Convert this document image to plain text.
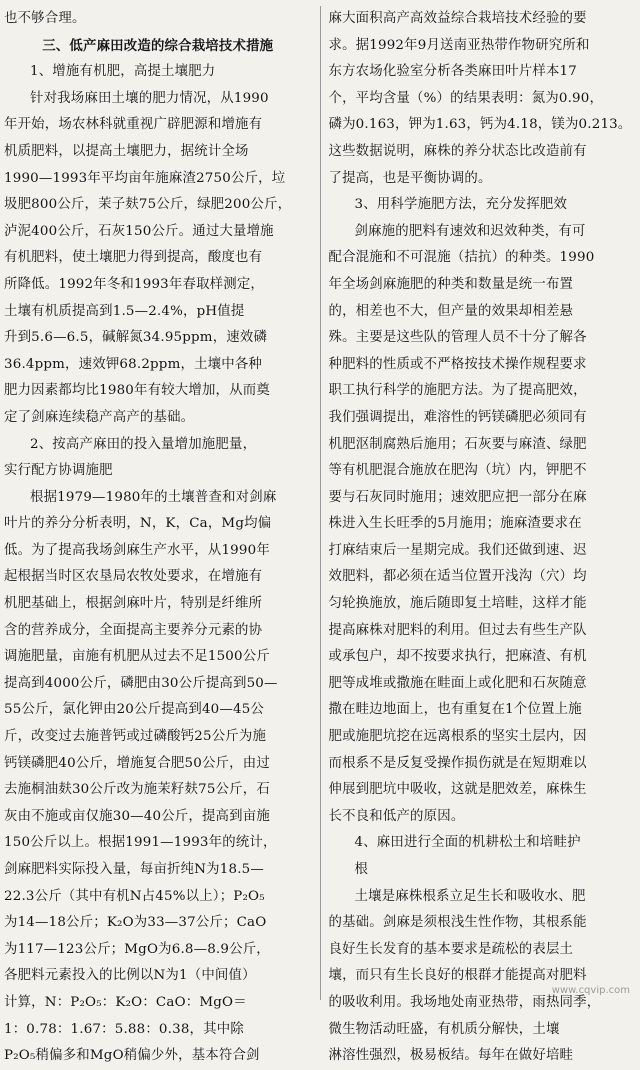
也不够合理。
三、低产麻田改造的综合栽培技术措施
1、增施有机肥，高提土壤肥力
针对我场麻田土壤的肥力情况，从1990
年开始，场农林科就重视广辟肥源和增施有
机质肥料，以提高土壤肥力，据统计全场
1990—1993年平均亩年施麻渣2750公斤，垃
圾肥800公斤，茉子麸75公斤，绿肥200公斤，
泸泥400公斤，石灰150公斤。通过大量增施
有机肥料，使土壤肥力得到提高，酸度也有
所降低。1992年冬和1993年春取样测定，
土壤有机质提高到1.5—2.4%，pH值提
升到5.6—6.5，碱解氮34.95ppm，速效磷
36.4ppm，速效钾68.2ppm，土壤中各种
肥力因素都均比1980年有较大增加，从而奠
定了剑麻连续稳产高产的基础。
2、按高产麻田的投入量增加施肥量，
实行配方协调施肥
根据1979—1980年的土壤普查和对剑麻
叶片的养分分析表明，N，K，Ca，Mg均偏
低。为了提高我场剑麻生产水平，从1990年
起根据当时区农垦局农牧处要求，在增施有
机肥基础上，根据剑麻叶片，特别是纤维所
含的营养成分，全面提高主要养分元素的协
调施肥量，亩施有机肥从过去不足1500公斤
提高到4000公斤，磷肥由30公斤提高到50—
55公斤，氯化钾由20公斤提高到40—45公
斤，改变过去施普钙或过磷酸钙25公斤为施
钙镁磷肥40公斤，增施复合肥50公斤，由过
去施桐油麸30公斤改为施茉籽麸75公斤，石
灰由不施或亩仅施30—40公斤，提高到亩施
150公斤以上。根据1991—1993年的统计，
剑麻肥料实际投入量，每亩折纯N为18.5—
22.3公斤（其中有机N占45%以上）；P₂O₅
为14—18公斤；K₂O为33—37公斤；CaO
为117—123公斤；MgO为6.8—8.9公斤，
各肥料元素投入的比例以N为1（中间值）
计算，N：P₂O₅：K₂O：CaO：MgO＝
1：0.78：1.67：5.88：0.38，其中除
P₂O₅稍偏多和MgO稍偏少外，基本符合剑
麻大面积高产高效益综合栽培技术经验的要
求。据1992年9月送南亚热带作物研究所和
东方农场化验室分析各类麻田叶片样本17
个，平均含量（%）的结果表明：氮为0.90，
磷为0.163，钾为1.63，钙为4.18，镁为0.213。
这些数据说明，麻株的养分状态比改造前有
了提高，也是平衡协调的。
3、用科学施肥方法，充分发挥肥效
剑麻施的肥料有速效和迟效种类，有可
配合混施和不可混施（拮抗）的种类。1990
年全场剑麻施肥的种类和数量是统一布置
的，相差也不大，但产量的效果却相差悬
殊。主要是这些队的管理人员不十分了解各
种肥料的性质或不严格按技术操作规程要求
职工执行科学的施肥方法。为了提高肥效，
我们强调提出，难溶性的钙镁磷肥必须同有
机肥沤制腐熟后施用；石灰要与麻渣、绿肥
等有机肥混合施放在肥沟（坑）内，钾肥不
要与石灰同时施用；速效肥应把一部分在麻
株进入生长旺季的5月施用；施麻渣要求在
打麻结束后一星期完成。我们还做到速、迟
效肥料，都必须在适当位置开浅沟（穴）均
匀轮换施放，施后随即复土培畦，这样才能
提高麻株对肥料的利用。但过去有些生产队
或承包户，却不按要求执行，把麻渣、有机
肥等成堆或撒施在畦面上或化肥和石灰随意
撒在畦边地面上，也有重复在1个位置上施
肥或施肥坑挖在远离根系的坚实土层内，因
而根系不是反复受操作损伤就是在短期难以
伸展到肥坑中吸收，这就是肥效差，麻株生
长不良和低产的原因。
4、麻田进行全面的机耕松土和培畦护
根
土壤是麻株根系立足生长和吸收水、肥
的基础。剑麻是须根浅生性作物，其根系能
良好生长发育的基本要求是疏松的表层土
壤，而只有生长良好的根群才能提高对肥料
的吸收利用。我场地处南亚热带，雨热同季，
微生物活动旺盛，有机质分解快，土壤
淋溶性强烈，极易板结。每年在做好培畦
www.cqvip.com
